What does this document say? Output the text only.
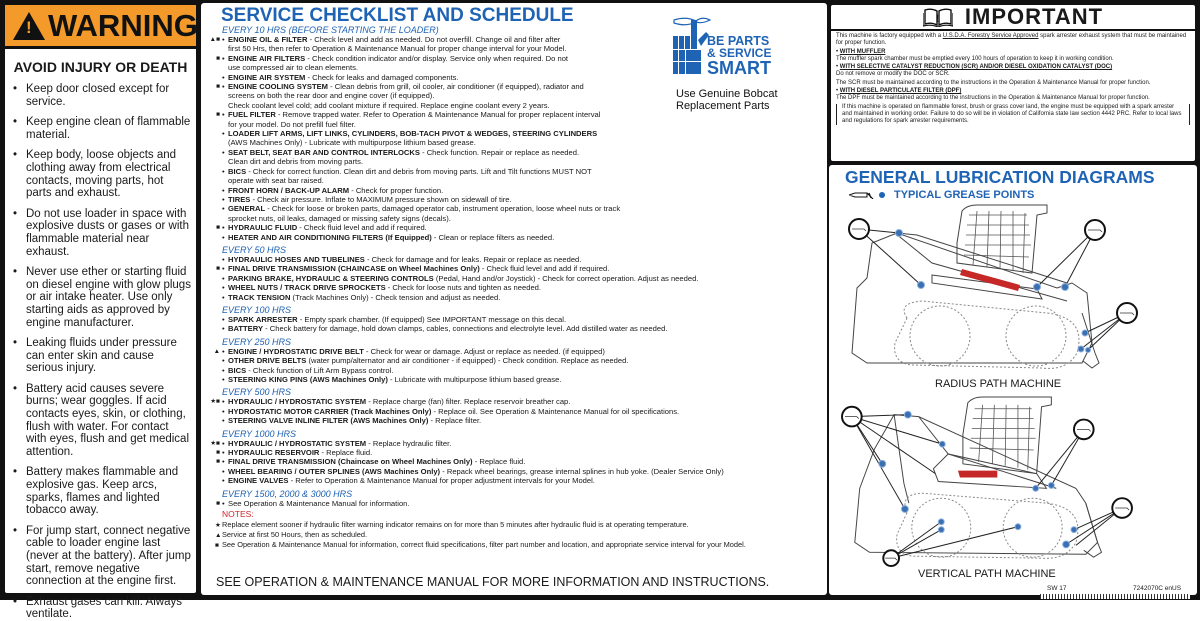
! WARNING
AVOID INJURY OR DEATH
• Keep door closed except for service.
• Keep engine clean of flammable material.
• Keep body, loose objects and clothing away from electrical contacts, moving parts, hot parts and exhaust.
• Do not use loader in space with explosive dusts or gases or with flammable material near exhaust.
• Never use ether or starting fluid on diesel engine with glow plugs or air intake heater. Use only starting aids as approved by engine manufacturer.
• Leaking fluids under pressure can enter skin and cause serious injury.
• Battery acid causes severe burns; wear goggles. If acid contacts eyes, skin, or clothing, flush with water. For contact with eyes, flush and get medical attention.
• Battery makes flammable and explosive gas. Keep arcs, sparks, flames and lighted tobacco away.
• For jump start, connect negative cable to loader engine last (never at the battery). After jump start, remove negative connection at the engine first.
• Exhaust gases can kill. Always ventilate.
SERVICE CHECKLIST AND SCHEDULE
EVERY 10 HRS (BEFORE STARTING THE LOADER)
▲■ • ENGINE OIL & FILTER - Check level and add as needed. Do not overfill. Change oil and filter after
first 50 Hrs, then refer to Operation & Maintenance Manual for proper change interval for your Model.
■ • ENGINE AIR FILTERS - Check condition indicator and/or display. Service only when required. Do not
use compressed air to clean elements.
• ENGINE AIR SYSTEM - Check for leaks and damaged components.
■ • ENGINE COOLING SYSTEM - Clean debris from grill, oil cooler, air conditioner (if equipped), radiator and
screens on both the rear door and engine cover (if equipped).
Check coolant level cold; add coolant mixture if required. Replace engine coolant every 2 years.
■ • FUEL FILTER - Remove trapped water. Refer to Operation & Maintenance Manual for proper replacent interval
for your model. Do not prefill fuel filter.
• LOADER LIFT ARMS, LIFT LINKS, CYLINDERS, BOB-TACH PIVOT & WEDGES, STEERING CYLINDERS
(AWS Machines Only) - Lubricate with multipurpose lithium based grease.
• SEAT BELT, SEAT BAR AND CONTROL INTERLOCKS - Check function. Repair or replace as needed.
Clean dirt and debris from moving parts.
• BICS - Check for correct function. Clean dirt and debris from moving parts. Lift and Tilt functions MUST NOT
operate with seat bar raised.
• FRONT HORN / BACK-UP ALARM - Check for proper function.
• TIRES - Check air pressure. Inflate to MAXIMUM pressure shown on sidewall of tire.
• GENERAL - Check for loose or broken parts, damaged operator cab, instrument operation, loose wheel nuts or track
sprocket nuts, oil leaks, damaged or missing safety signs (decals).
■ • HYDRAULIC FLUID - Check fluid level and add if required.
• HEATER AND AIR CONDITIONING FILTERS (If Equipped) - Clean or replace filters as needed.
EVERY 50 HRS
• HYDRAULIC HOSES AND TUBELINES - Check for damage and for leaks. Repair or replace as needed.
■ • FINAL DRIVE TRANSMISSION (CHAINCASE on Wheel Machines Only) - Check fluid level and add if required.
• PARKING BRAKE, HYDRAULIC & STEERING CONTROLS (Pedal, Hand and/or Joystick) - Check for correct operation. Adjust as needed.
• WHEEL NUTS / TRACK DRIVE SPROCKETS - Check for loose nuts and tighten as needed.
• TRACK TENSION (Track Machines Only) - Check tension and adjust as needed.
EVERY 100 HRS
• SPARK ARRESTER - Empty spark chamber. (If equipped) See IMPORTANT message on this decal.
• BATTERY - Check battery for damage, hold down clamps, cables, connections and electrolyte level. Add distilled water as needed.
EVERY 250 HRS
▲ • ENGINE / HYDROSTATIC DRIVE BELT - Check for wear or damage. Adjust or replace as needed. (if equipped)
• OTHER DRIVE BELTS (water pump/alternator and air conditioner - if equipped) - Check condition. Replace as needed.
• BICS - Check function of Lift Arm Bypass control.
• STEERING KING PINS (AWS Machines Only) - Lubricate with multipurpose lithium based grease.
EVERY 500 HRS
★■ • HYDRAULIC / HYDROSTATIC SYSTEM - Replace charge (fan) filter. Replace reservoir breather cap.
• HYDROSTATIC MOTOR CARRIER (Track Machines Only) - Replace oil. See Operation & Maintenance Manual for oil specifications.
• STEERING VALVE INLINE FILTER (AWS Machines Only) - Replace filter.
EVERY 1000 HRS
★■ • HYDRAULIC / HYDROSTATIC SYSTEM - Replace hydraulic filter.
■ • HYDRAULIC RESERVOIR - Replace fluid.
■ • FINAL DRIVE TRANSMISSION (Chaincase on Wheel Machines Only) - Replace fluid.
• WHEEL BEARING / OUTER SPLINES (AWS Machines Only) - Repack wheel bearings, grease internal splines in hub yoke. (Dealer Service Only)
• ENGINE VALVES - Refer to Operation & Maintenance Manual for proper adjustment intervals for your Model.
EVERY 1500, 2000 & 3000 HRS
■ • See Operation & Maintenance Manual for information.
NOTES:
★Replace element sooner if hydraulic filter warning indicator remains on for more than 5 minutes after hydraulic fluid is at operating temperature.
▲Service at first 50 Hours, then as scheduled.
■ See Operation & Maintenance Manual for information, correct fluid specifications, filter part number and location, and appropriate service interval for your Model.
SEE OPERATION & MAINTENANCE MANUAL FOR MORE INFORMATION AND INSTRUCTIONS.
BE PARTS
& SERVICE
SMART
Use Genuine Bobcat
Replacement Parts
! IMPORTANT

This machine is factory equipped with a U.S.D.A. Forestry Service Approved spark arrester exhaust system that must be maintained for proper function.

• WITH MUFFLER
The muffler spark chamber must be emptied every 100 hours of operation to keep it in working condition.

• WITH SELECTIVE CATALYST REDUCTION (SCR) AND/OR DIESEL OXIDATION CATALYST (DOC)
Do not remove or modify the DOC or SCR.

The SCR must be maintained according to the instructions in the Operation & Maintenance Manual for proper function.

• WITH DIESEL PARTICULATE FILTER (DPF)
The DPF must be maintained according to the instructions in the Operation & Maintenance Manual for proper function.

If this machine is operated on flammable forest, brush or grass cover land, the engine must be equipped with a spark arrester and maintained in working order. Failure to do so will be in violation of California state law section 4442 PRC. Refer to local laws and regulations for spark arrester requirements.
GENERAL LUBRICATION DIAGRAMS
TYPICAL GREASE POINTS
RADIUS PATH MACHINE
VERTICAL PATH MACHINE
SW 17	7242070C enUS
